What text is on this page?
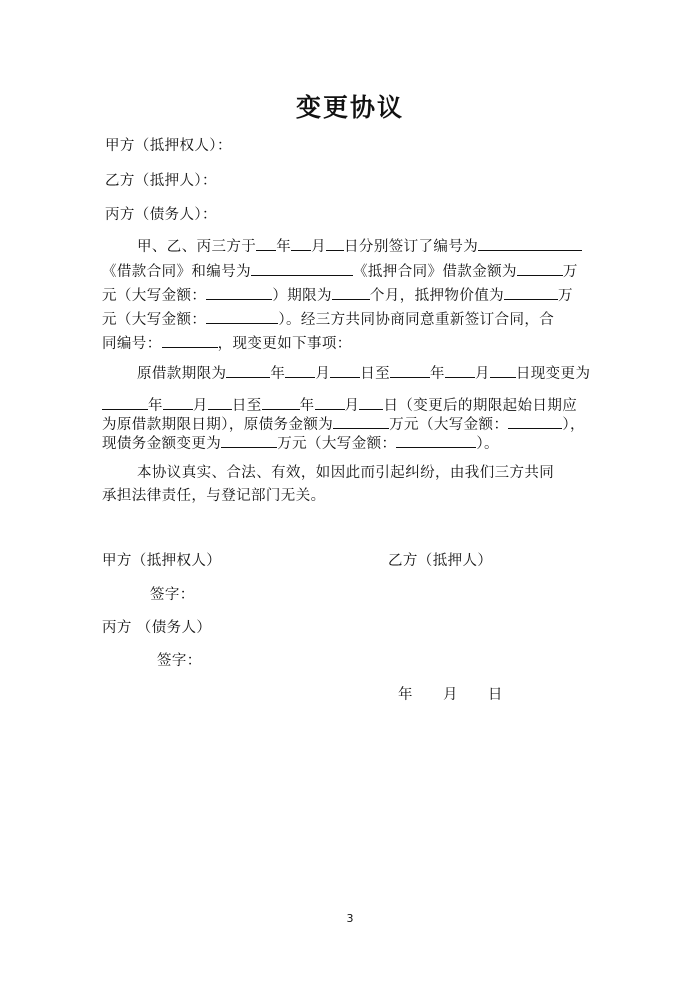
变更协议
甲方（抵押权人）：
乙方（抵押人）：
丙方（债务人）：
甲、乙、丙三方于 年 月 日分别签订了编号为
《借款合同》和编号为	《抵押合同》借款金额为	万
元（大写金额：	）期限为	个月，抵押物价值为	万
元（大写金额：	）。经三方共同协商同意重新签订合同，合
同编号：	，现变更如下事项：
原借款期限为	年 月 日至	年 月 日现变更为
年 月 日至	年 月 日（变更后的期限起始日期应
为原借款期限日期），原债务金额为	万元（大写金额：	），
现债务金额变更为	万元（大写金额：	）。
本协议真实、合法、有效，如因此而引起纠纷，由我们三方共同
承担法律责任，与登记部门无关。
甲方（抵押权人）	乙方（抵押人）
签字：
丙方 （债务人）
签字：
年      月      日
3
